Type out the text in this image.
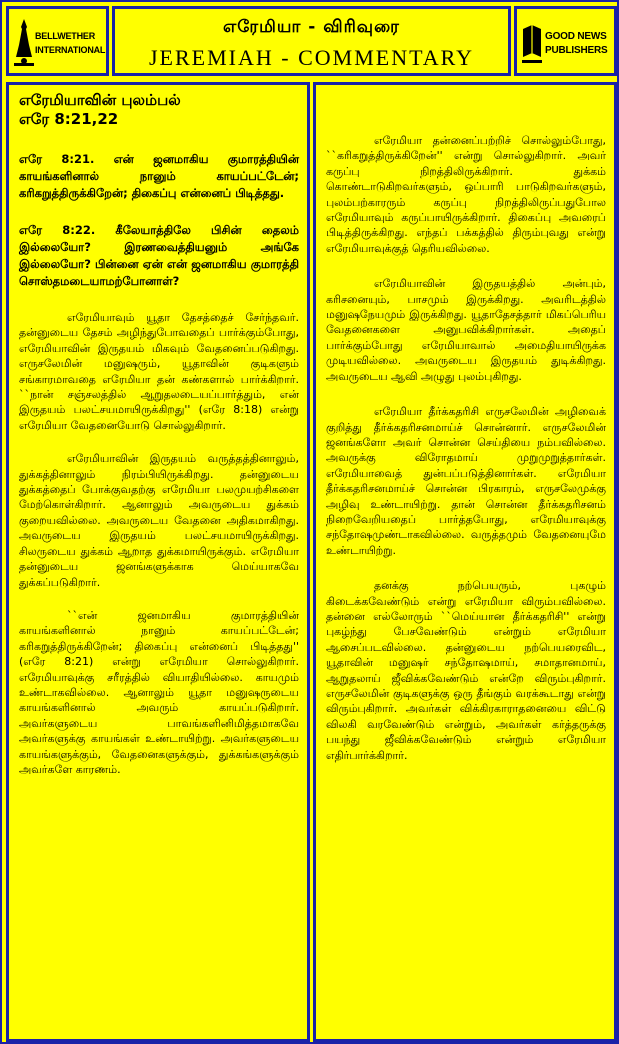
BELLWETHER
INTERNATIONAL
எரேமியா - விரிவுரை
JEREMIAH - COMMENTARY
GOOD NEWS
PUBLISHERS
எரேமியாவின் புலம்பல்
எரே 8:21,22
எரே 8:21. என் ஜனமாகிய குமாரத்தியின் காயங்களினால் நானும் காயப்பட்டேன்; கரிகறுத்திருக்கிறேன்; திகைப்பு என்னைப் பிடித்தது.
எரே 8:22. கீலேயாத்திலே பிசின் தைலம் இல்லையோ? இரணவைத்தியனும் அங்கே இல்லையோ? பின்னை ஏன் என் ஜனமாகிய குமாரத்தி சொஸ்தமடையாமற்போனாள்?

எரேமியாவும் யூதா தேசத்தைச் சேர்ந்தவர். தன்னுடைய தேசம் அழிந்துபோவதைப் பார்க்கும்போது, எரேமியாவின் இருதயம் மிகவும் வேதனைப்படுகிறது. எருசலேமின் மனுஷரும், யூதாவின் குடிகளும் சங்காரமாவதை எரேமியா தன் கண்களால் பார்க்கிறார். ``நான் சஞ்சலத்தில் ஆறுதலடையப்பார்த்தும், என் இருதயம் பலட்சயமாயிருக்கிறது'' (எரே 8:18) என்று எரேமியா வேதனையோடு சொல்லுகிறார்.

எரேமியாவின் இருதயம் வருத்தத்தினாலும், துக்கத்தினாலும் நிரம்பியிருக்கிறது. தன்னுடைய துக்கத்தைப் போக்குவதற்கு எரேமியா பலமுயற்சிகளை மேற்கொள்கிறார். ஆனாலும் அவருடைய துக்கம் குறையவில்லை. அவருடைய வேதனை அதிகமாகிறது. அவருடைய இருதயம் பலட்சயமாயிருக்கிறது. சிலருடைய துக்கம் ஆறாத துக்கமாயிருக்கும். எரேமியா தன்னுடைய ஜனங்களுக்காக மெய்யாகவே துக்கப்படுகிறார்.

``என் ஜனமாகிய குமாரத்தியின் காயங்களினால் நானும் காயப்பட்டேன்; கரிகறுத்திருக்கிறேன்; திகைப்பு என்னைப் பிடித்தது'' (எரே 8:21) என்று எரேமியா சொல்லுகிறார். எரேமியாவுக்கு சரீரத்தில் வியாதியில்லை. காயமும் உண்டாகவில்லை. ஆனாலும் யூதா மனுஷருடைய காயங்களினால் அவரும் காயப்படுகிறார். அவர்களுடைய பாவங்களினிமித்தமாகவே அவர்களுக்கு காயங்கள் உண்டாயிற்று. அவர்களுடைய காயங்களுக்கும், வேதனைகளுக்கும், துக்கங்களுக்கும் அவர்களே காரணம்.

எரேமியா தன்னைப்பற்றிச் சொல்லும்போது, ``கரிகறுத்திருக்கிறேன்'' என்று சொல்லுகிறார். அவர் கருப்பு நிறத்திலிருக்கிறார். துக்கம் கொண்டாடுகிறவர்களும், ஒப்பாரி பாடுகிறவர்களும், புலம்பற்காரரும் கருப்பு நிறத்திலிருப்பதுபோல எரேமியாவும் கருப்பாயிருக்கிறார். திகைப்பு அவரைப் பிடித்திருக்கிறது. எந்தப் பக்கத்தில் திரும்புவது என்று எரேமியாவுக்குத் தெரியவில்லை.

எரேமியாவின் இருதயத்தில் அன்பும், கரிசனையும், பாசமும் இருக்கிறது. அவரிடத்தில் மனுஷநேயமும் இருக்கிறது. யூதாதேசத்தார் மிகப்பெரிய வேதனைகளை அனுபவிக்கிறார்கள். அதைப் பார்க்கும்போது எரேமியாவால் அமைதியாயிருக்க முடியவில்லை. அவருடைய இருதயம் துடிக்கிறது. அவருடைய ஆவி அழுது புலம்புகிறது.

எரேமியா தீர்க்கதரிசி எருசலேமின் அழிவைக் குறித்து தீர்க்கதரிசனமாய்ச் சொன்னார். எருசலேமின் ஜனங்களோ அவர் சொன்ன செய்தியை நம்பவில்லை. அவருக்கு விரோதமாய் முறுமுறுத்தார்கள். எரேமியாவைத் துன்பப்படுத்தினார்கள். எரேமியா தீர்க்கதரிசனமாய்ச் சொன்ன பிரகாரம், எருசலேமுக்கு அழிவு உண்டாயிற்று. தான் சொன்ன தீர்க்கதரிசனம் நிறைவேறியதைப் பார்த்தபோது, எரேமியாவுக்கு சந்தோஷமுண்டாகவில்லை. வருத்தமும் வேதனையுமே உண்டாயிற்று.

தனக்கு நற்பெயரும், புகழும் கிடைக்கவேண்டும் என்று எரேமியா விரும்பவில்லை. தன்னை எல்லோரும் ``மெய்யான தீர்க்கதரிசி'' என்று புகழ்ந்து பேசவேண்டும் என்றும் எரேமியா ஆசைப்படவில்லை. தன்னுடைய நற்பெயரைவிட, யூதாவின் மனுஷர் சந்தோஷமாய், சமாதானமாய், ஆறுதலாய் ஜீவிக்கவேண்டும் என்றே விரும்புகிறார். எருசலேமின் குடிகளுக்கு ஒரு தீங்கும் வரக்கூடாது என்று விரும்புகிறார். அவர்கள் விக்கிரகாராதனையை விட்டு விலகி வரவேண்டும் என்றும், அவர்கள் கர்த்தருக்கு பயந்து ஜீவிக்கவேண்டும் என்றும் எரேமியா எதிர்பார்க்கிறார்.
